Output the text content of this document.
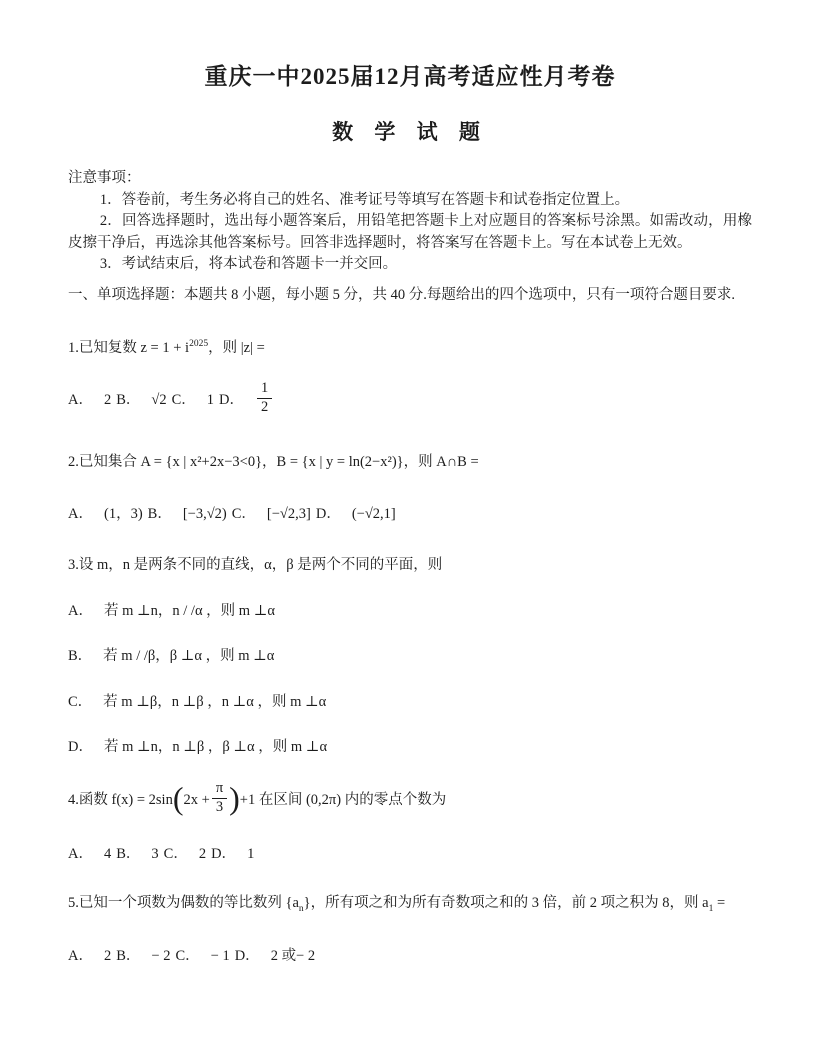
重庆一中2025届12月高考适应性月考卷
数 学 试 题

注意事项：

1．答卷前，考生务必将自己的姓名、准考证号等填写在答题卡和试卷指定位置上。

2．回答选择题时，选出每小题答案后，用铅笔把答题卡上对应题目的答案标号涂黑。如需改动，用橡皮擦干净后，再选涂其他答案标号。回答非选择题时，将答案写在答题卡上。写在本试卷上无效。

3．考试结束后，将本试卷和答题卡一并交回。

一、单项选择题：本题共 8 小题，每小题 5 分，共 40 分.每题给出的四个选项中，只有一项符合题目要求.

1.已知复数 $z = 1 + i^{2025}$，则 |z| =

A． 2 B． √2 C． 1 D． $\frac{1}{2}$

2.已知集合 A = {x | x²+2x−3<0}，B = {x | y = ln(2−x²)}，则 A∩B =

A． (1，3) B． [−3,√2) C． [−√2,3] D． (−√2,1]

3.设 m，n 是两条不同的直线，α，β 是两个不同的平面，则

A． 若 m ⊥n，n / /α ，则 m ⊥α

B． 若 m / /β，β ⊥α ，则 m ⊥α

C． 若 m ⊥β，n ⊥β ，n ⊥α ，则 m ⊥α

D． 若 m ⊥n，n ⊥β ，β ⊥α ，则 m ⊥α

4.函数 $f(x) = 2\sin(2x + \frac{\pi}{3} )+1$ 在区间 (0,2π) 内的零点个数为

A． 4 B． 3 C． 2 D． 1

5.已知一个项数为偶数的等比数列 $\{a_n\}$，所有项之和为所有奇数项之和的 3 倍，前 2 项之积为 8，则 $a_1$ =

A． 2 B． − 2 C． − 1 D． 2 或− 2
